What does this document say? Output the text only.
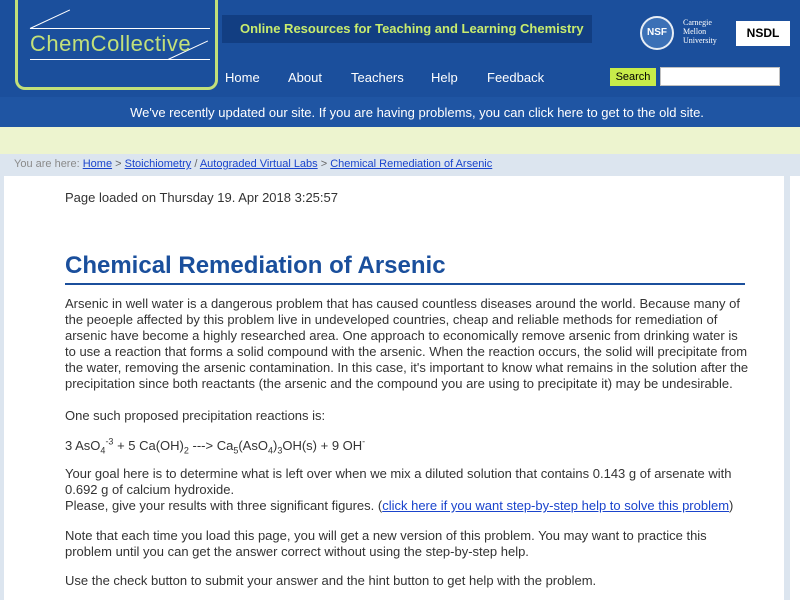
ChemCollective
Online Resources for Teaching and Learning Chemistry	NSF
Carnegie
Mellon
University
NSDL
Home About Teachers Help Feedback	Search
We've recently updated our site. If you are having problems, you can click here to get to the old site.
You are here: Home > Stoichiometry / Autograded Virtual Labs > Chemical Remediation of Arsenic
Page loaded on Thursday 19. Apr 2018 3:25:57
Chemical Remediation of Arsenic

Arsenic in well water is a dangerous problem that has caused countless diseases around the world. Because many of the peoeple affected by this problem live in undeveloped countries, cheap and reliable methods for remediation of arsenic have become a highly researched area. One approach to economically remove arsenic from drinking water is to use a reaction that forms a solid compound with the arsenic. When the reaction occurs, the solid will precipitate from the water, removing the arsenic contamination. In this case, it's important to know what remains in the solution after the precipitation since both reactants (the arsenic and the compound you are using to precipitate it) may be undesirable.

One such proposed precipitation reactions is:

3 AsO$_4^{-3}$ + 5 $Ca(OH)_2$ ---> $Ca_5(AsO_4)_3OH(s) + 9$ OH-

Your goal here is to determine what is left over when we mix a diluted solution that contains 0.143 g of arsenate with 0.692 g of calcium hydroxide.

Please, give your results with three significant figures. (click here if you want step-by-step help to solve this problem)

Note that each time you load this page, you will get a new version of this problem. You may want to practice this problem until you can get the answer correct without using the step-by-step help.

Use the check button to submit your answer and the hint button to get help with the problem.
